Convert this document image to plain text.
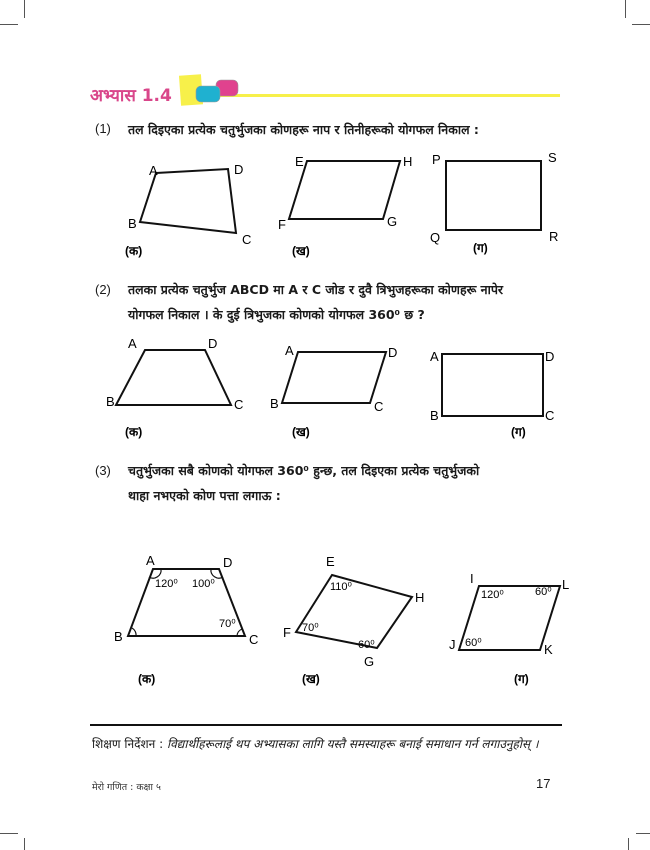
अभ्यास 1.4
(1) तल दिइएका प्रत्येक चतुर्भुजका कोणहरू नाप र तिनीहरूको योगफल निकाल :
A
B
C
D
(क)
E
F	G
H
(ख)
P
Q	R
S
(ग)
(2) तलका प्रत्येक चतुर्भुज ABCD मा A र C जोड र दुवै त्रिभुजहरूका कोणहरू नापेर
योगफल निकाल । के दुई त्रिभुजका कोणको योगफल 360⁰ छ ?
A
B	C
D
(क)
A
B	C
D
(ख)
A
B	C
D
(ग)
(3) चतुर्भुजका सबै कोणको योगफल 360⁰ हुन्छ, तल दिइएका प्रत्येक चतुर्भुजको
थाहा नभएको कोण पत्ता लगाऊ :
A
B	C
D
120⁰ 100⁰
70⁰
(क)
E
F
G
H
110⁰
70⁰
60⁰
(ख)
I
J	K
L
120⁰	60⁰
60⁰
(ग)
शिक्षण निर्देशन : विद्यार्थीहरूलाई थप अभ्यासका लागि यस्तै समस्याहरू बनाई समाधान गर्न लगाउनुहोस् ।
मेरो गणित : कक्षा ५	17
